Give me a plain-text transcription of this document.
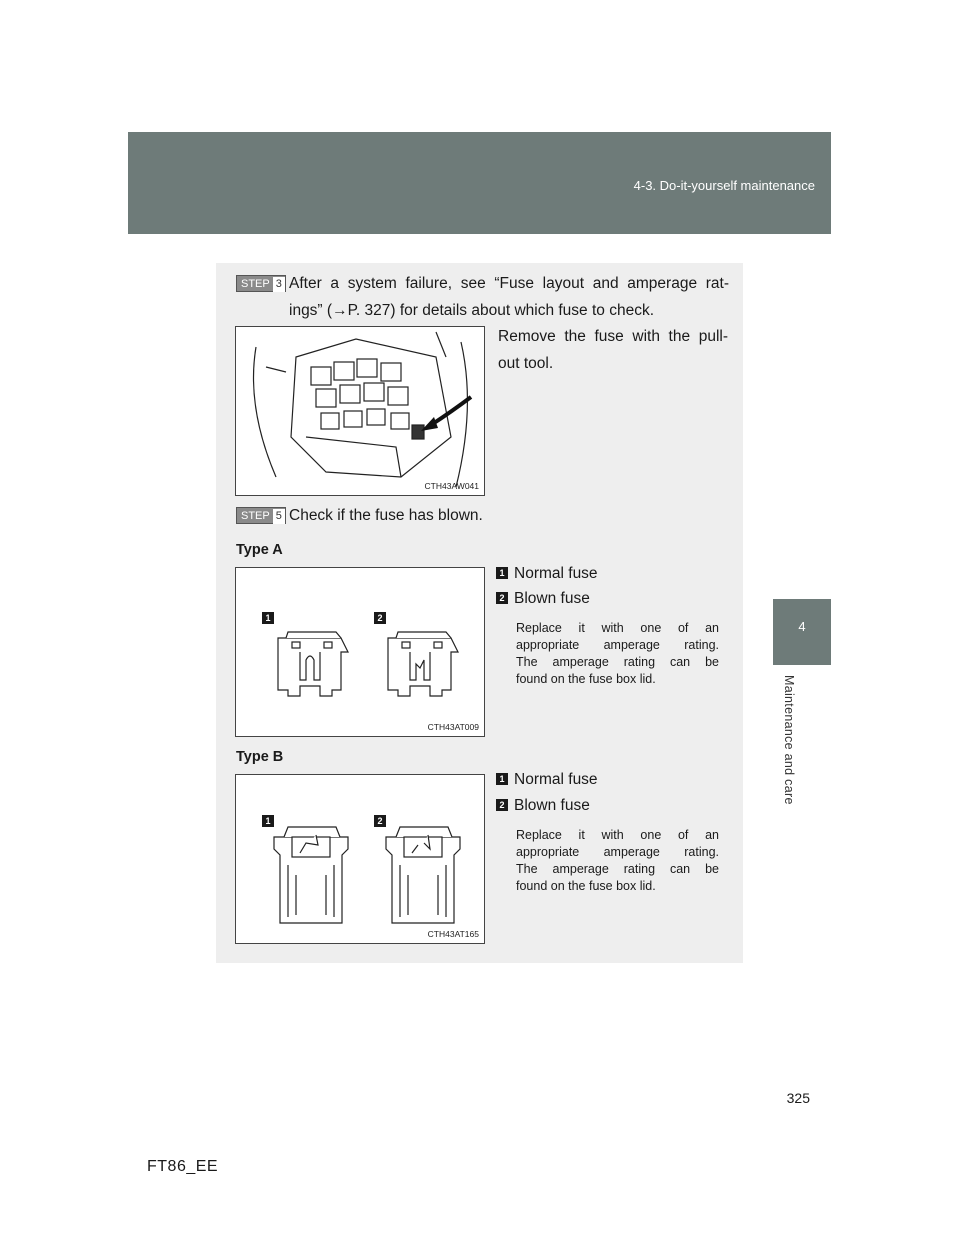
4-3. Do-it-yourself maintenance
4
Maintenance and care
STEP 3 After a system failure, see “Fuse layout and amperage rat-
ings” (→P. 327) for details about which fuse to check.
CTH43AW041
Remove the fuse with the pull-
out tool.
STEP 5 Check if the fuse has blown.
Type A
1	2
CTH43AT009
1 Normal fuse
2 Blown fuse
Replace it with one of an
appropriate amperage rating.
The amperage rating can be
found on the fuse box lid.
Type B
1	2
CTH43AT165
1 Normal fuse
2 Blown fuse
Replace it with one of an
appropriate amperage rating.
The amperage rating can be
found on the fuse box lid.
325
FT86_EE
